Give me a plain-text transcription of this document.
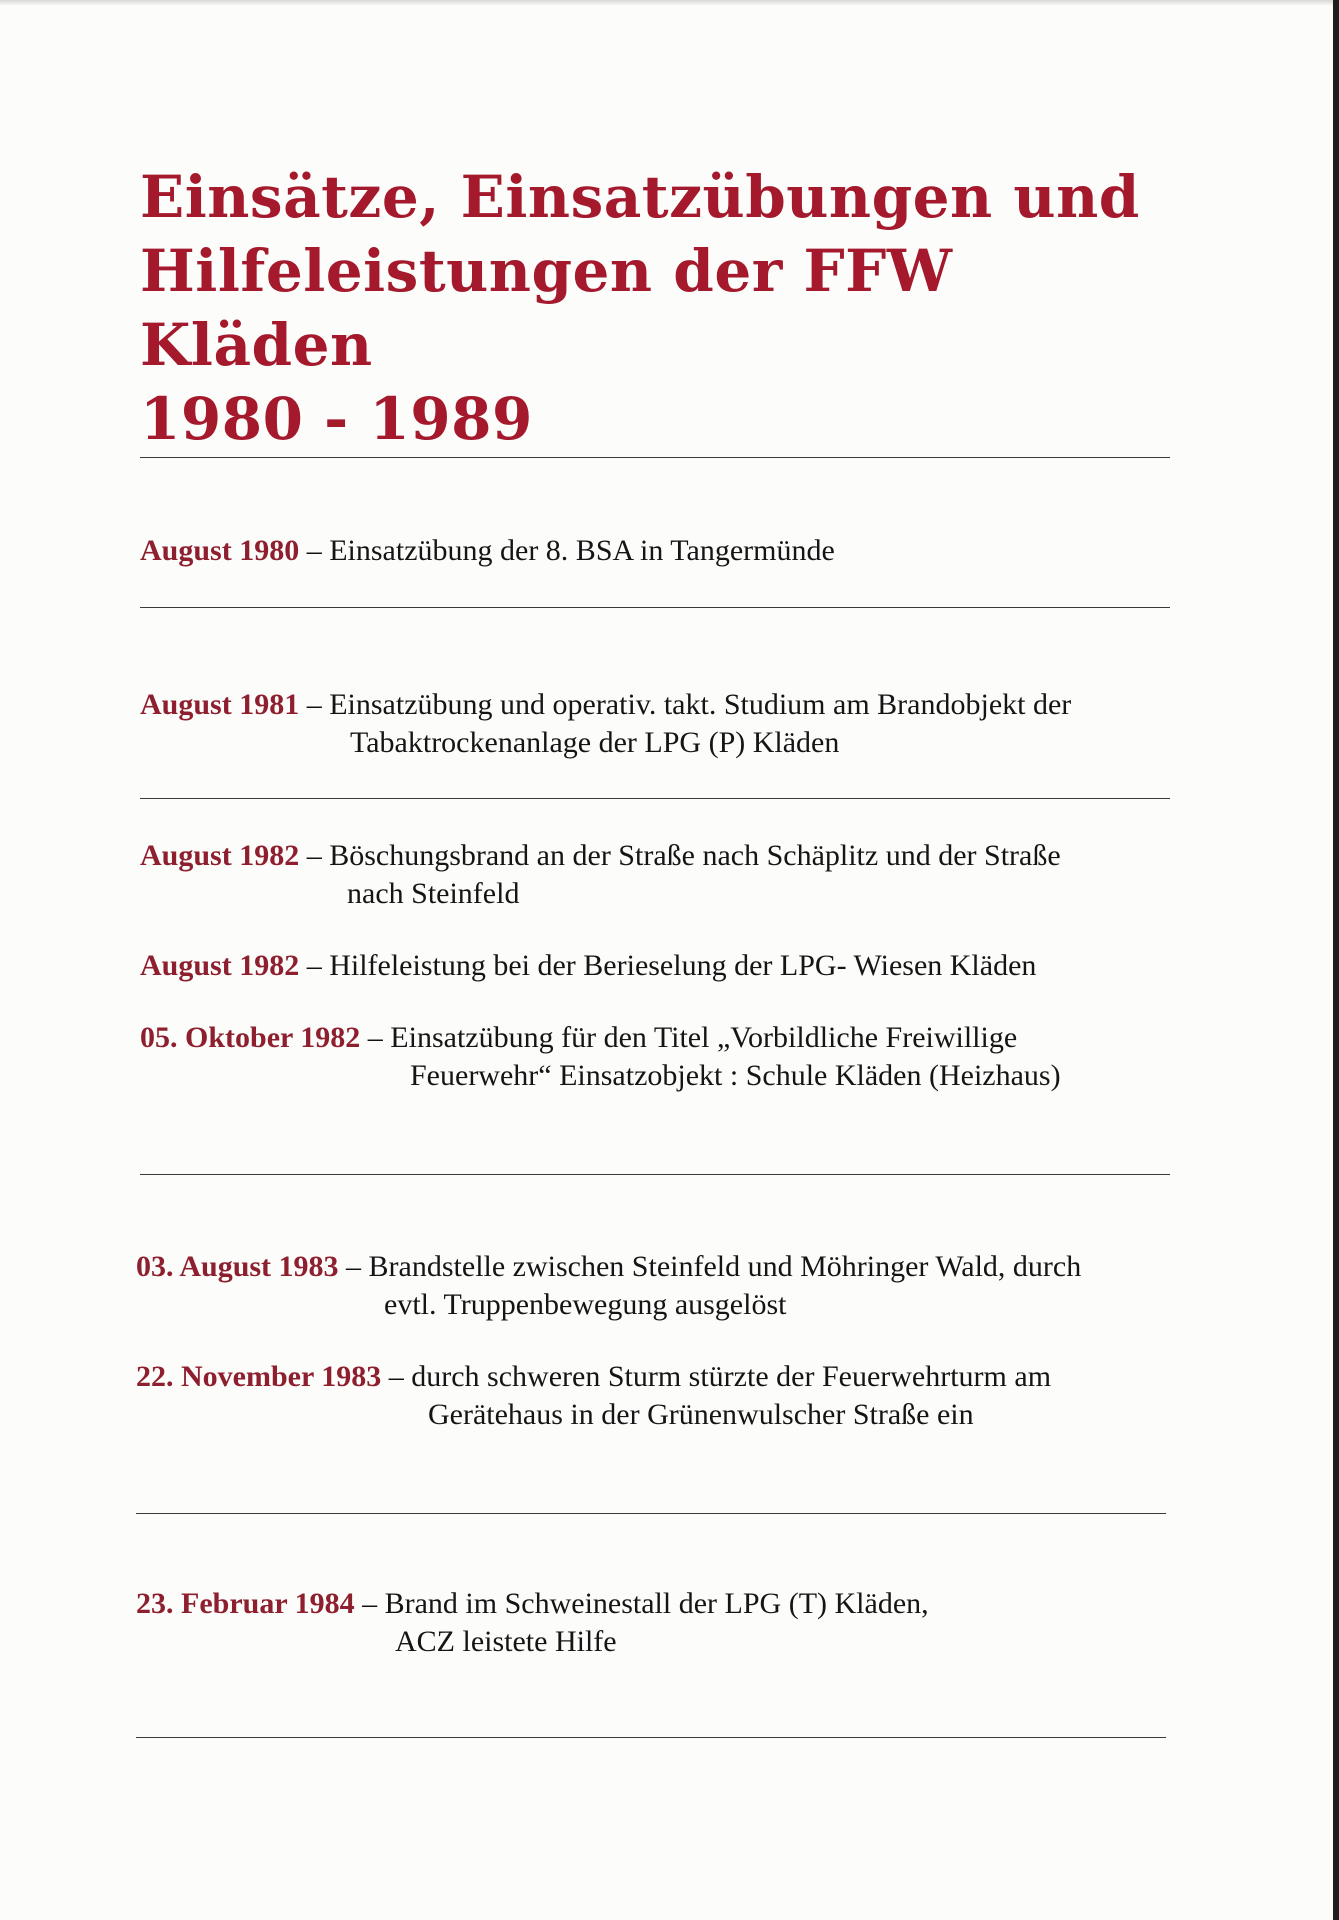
Einsätze, Einsatzübungen und
Hilfeleistungen der FFW Kläden
1980 - 1989
August 1980 – Einsatzübung der 8. BSA in Tangermünde
August 1981 – Einsatzübung und operativ. takt. Studium am Brandobjekt der
Tabaktrockenanlage der LPG (P) Kläden
August 1982 – Böschungsbrand an der Straße nach Schäplitz und der Straße
nach Steinfeld
August 1982 – Hilfeleistung bei der Berieselung der LPG- Wiesen Kläden
05. Oktober 1982 – Einsatzübung für den Titel „Vorbildliche Freiwillige
Feuerwehr“ Einsatzobjekt : Schule Kläden (Heizhaus)
03. August 1983 – Brandstelle zwischen Steinfeld und Möhringer Wald, durch
evtl. Truppenbewegung ausgelöst
22. November 1983 – durch schweren Sturm stürzte der Feuerwehrturm am
Gerätehaus in der Grünenwulscher Straße ein
23. Februar 1984 – Brand im Schweinestall der LPG (T) Kläden,
ACZ leistete Hilfe
